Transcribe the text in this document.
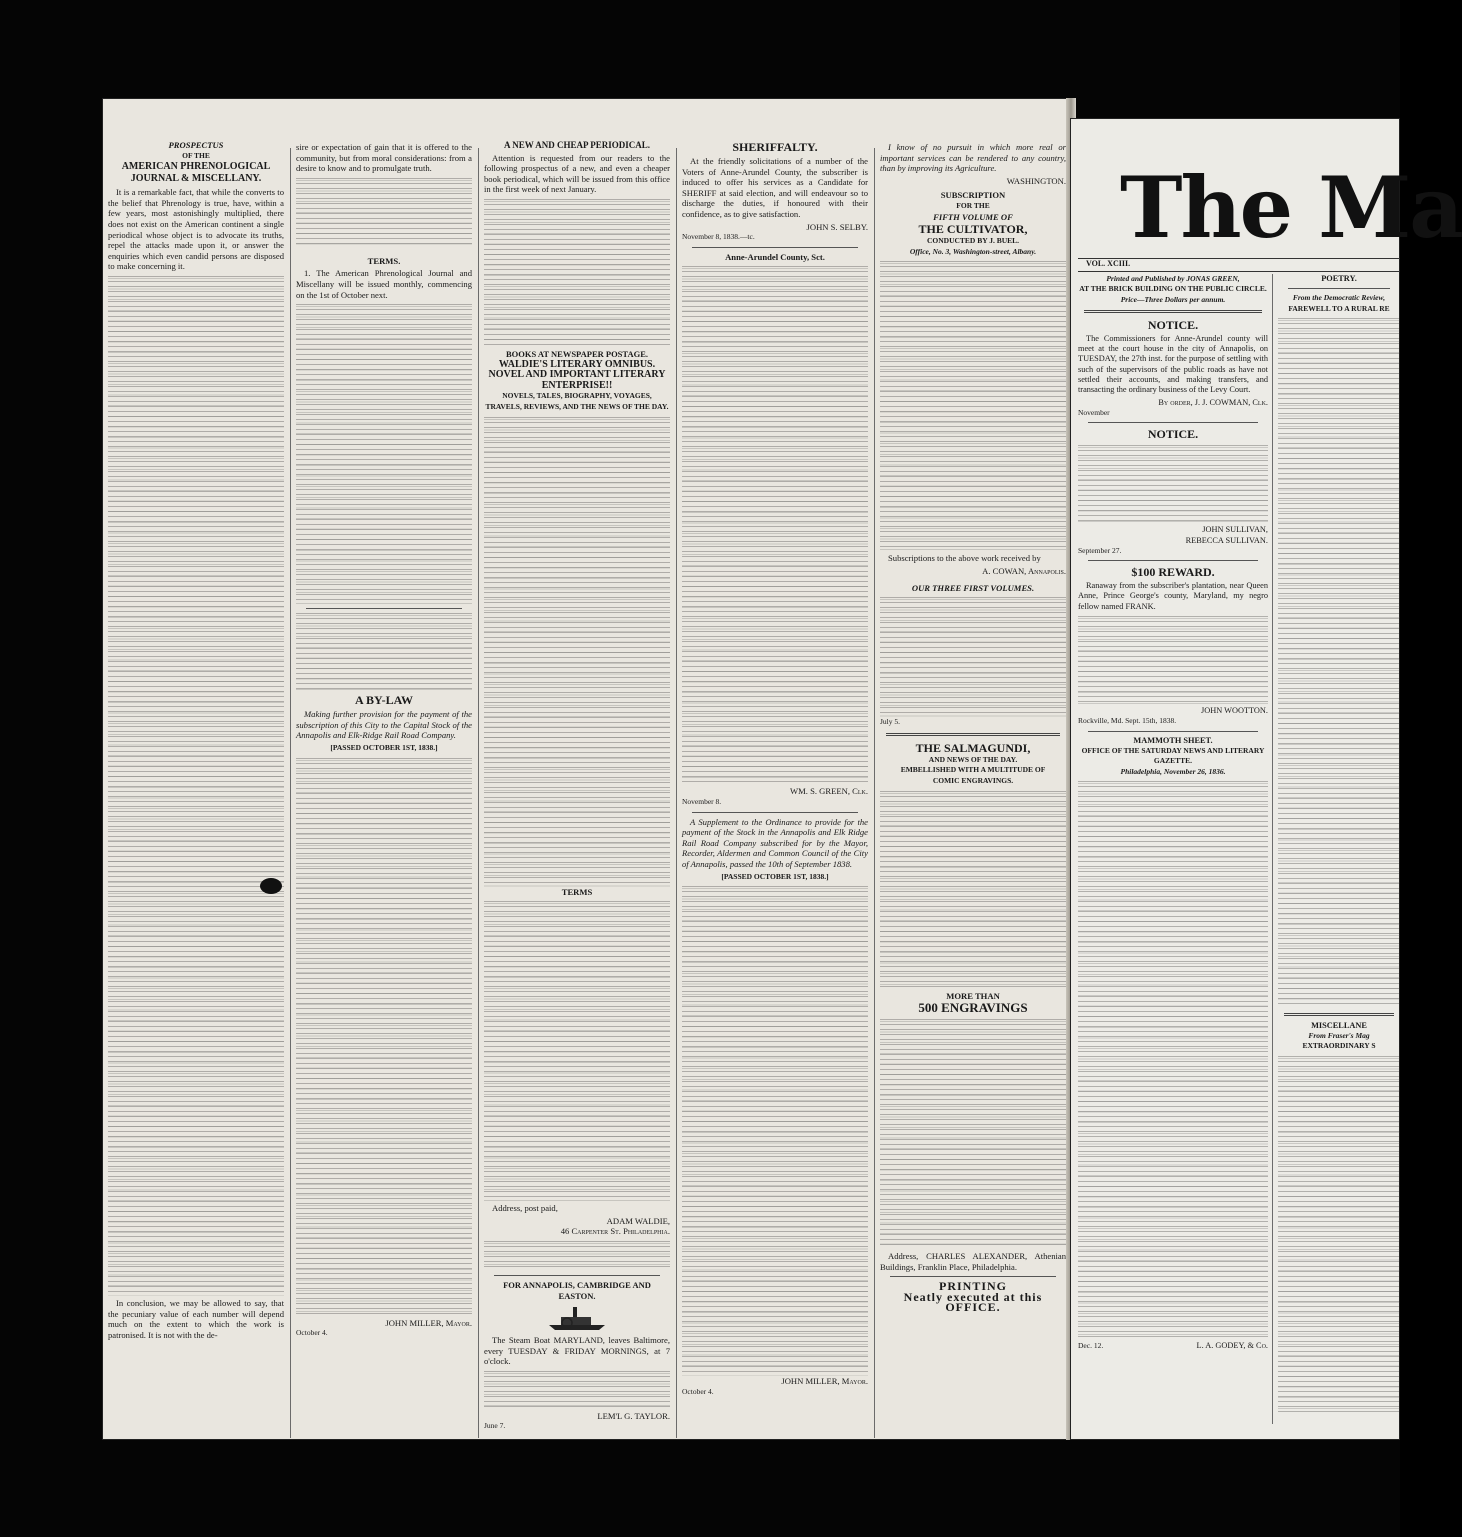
PROSPECTUS
OF THE
AMERICAN PHRENOLOGICAL JOURNAL & MISCELLANY.

It is a remarkable fact, that while the converts to the belief that Phrenology is true, have, within a few years, most astonishingly multiplied, there does not exist on the American continent a single periodical whose object is to advocate its truths, repel the attacks made upon it, or answer the enquiries which even candid persons are disposed to make concerning it.

In conclusion, we may be allowed to say, that the pecuniary value of each number will depend much on the extent to which the work is patronised. It is not with the de-

sire or expectation of gain that it is offered to the community, but from moral considerations: from a desire to know and to promulgate truth.

TERMS.

1. The American Phrenological Journal and Miscellany will be issued monthly, commencing on the 1st of October next.

A BY-LAW

Making further provision for the payment of the subscription of this City to the Capital Stock of the Annapolis and Elk-Ridge Rail Road Company.

[PASSED OCTOBER 1ST, 1838.]
JOHN MILLER, Mayor.
October 4.
A NEW AND CHEAP PERIODICAL.

Attention is requested from our readers to the following prospectus of a new, and even a cheaper book periodical, which will be issued from this office in the first week of next January.

BOOKS AT NEWSPAPER POSTAGE.
WALDIE'S LITERARY OMNIBUS.
NOVEL AND IMPORTANT LITERARY ENTERPRISE!!
NOVELS, TALES, BIOGRAPHY, VOYAGES, TRAVELS, REVIEWS, AND THE NEWS OF THE DAY.
TERMS

Address, post paid,

ADAM WALDIE,
46 Carpenter St. Philadelphia.
FOR ANNAPOLIS, CAMBRIDGE AND EASTON.

The Steam Boat MARYLAND, leaves Baltimore, every TUESDAY & FRIDAY MORNINGS, at 7 o'clock.

LEM'L G. TAYLOR.
June 7.
SHERIFFALTY.

At the friendly solicitations of a number of the Voters of Anne-Arundel County, the subscriber is induced to offer his services as a Candidate for SHERIFF at said election, and will endeavour so to discharge the duties, if honoured with their confidence, as to give satisfaction.

JOHN S. SELBY.
November 8, 1838.—tc.
Anne-Arundel County, Sct.
WM. S. GREEN, Clk.
November 8.

A Supplement to the Ordinance to provide for the payment of the Stock in the Annapolis and Elk Ridge Rail Road Company subscribed for by the Mayor, Recorder, Aldermen and Common Council of the City of Annapolis, passed the 10th of September 1838.

[PASSED OCTOBER 1ST, 1838.]
JOHN MILLER, Mayor.
October 4.

I know of no pursuit in which more real or important services can be rendered to any country, than by improving its Agriculture.

WASHINGTON.
SUBSCRIPTION
FOR THE
FIFTH VOLUME OF
THE CULTIVATOR,
CONDUCTED BY J. BUEL.
Office, No. 3, Washington-street, Albany.

Subscriptions to the above work received by

A. COWAN, Annapolis.
OUR THREE FIRST VOLUMES.
July 5.
THE SALMAGUNDI,
AND NEWS OF THE DAY.
EMBELLISHED WITH A MULTITUDE OF
COMIC ENGRAVINGS.
MORE THAN
500 ENGRAVINGS

Address, CHARLES ALEXANDER, Athenian Buildings, Franklin Place, Philadelphia.

PRINTING
Neatly executed at this OFFICE.
The Ma
VOL. XCIII.
Printed and Published by JONAS GREEN,
AT THE BRICK BUILDING ON THE PUBLIC CIRCLE.
Price—Three Dollars per annum.
NOTICE.

The Commissioners for Anne-Arundel county will meet at the court house in the city of Annapolis, on TUESDAY, the 27th inst. for the purpose of settling with such of the supervisors of the public roads as have not settled their accounts, and making transfers, and transacting the ordinary business of the Levy Court.

By order, J. J. COWMAN, Clk.
November
NOTICE.
JOHN SULLIVAN,
REBECCA SULLIVAN.
September 27.
$100 REWARD.

Ranaway from the subscriber's plantation, near Queen Anne, Prince George's county, Maryland, my negro fellow named FRANK.

JOHN WOOTTON.
Rockville, Md. Sept. 15th, 1838.
MAMMOTH SHEET.
OFFICE OF THE SATURDAY NEWS AND LITERARY GAZETTE.
Philadelphia, November 26, 1836.
Dec. 12.	L. A. GODEY, & Co.
POETRY.
From the Democratic Review,
FAREWELL TO A RURAL RE
MISCELLANE
From Fraser's Mag
EXTRAORDINARY S
